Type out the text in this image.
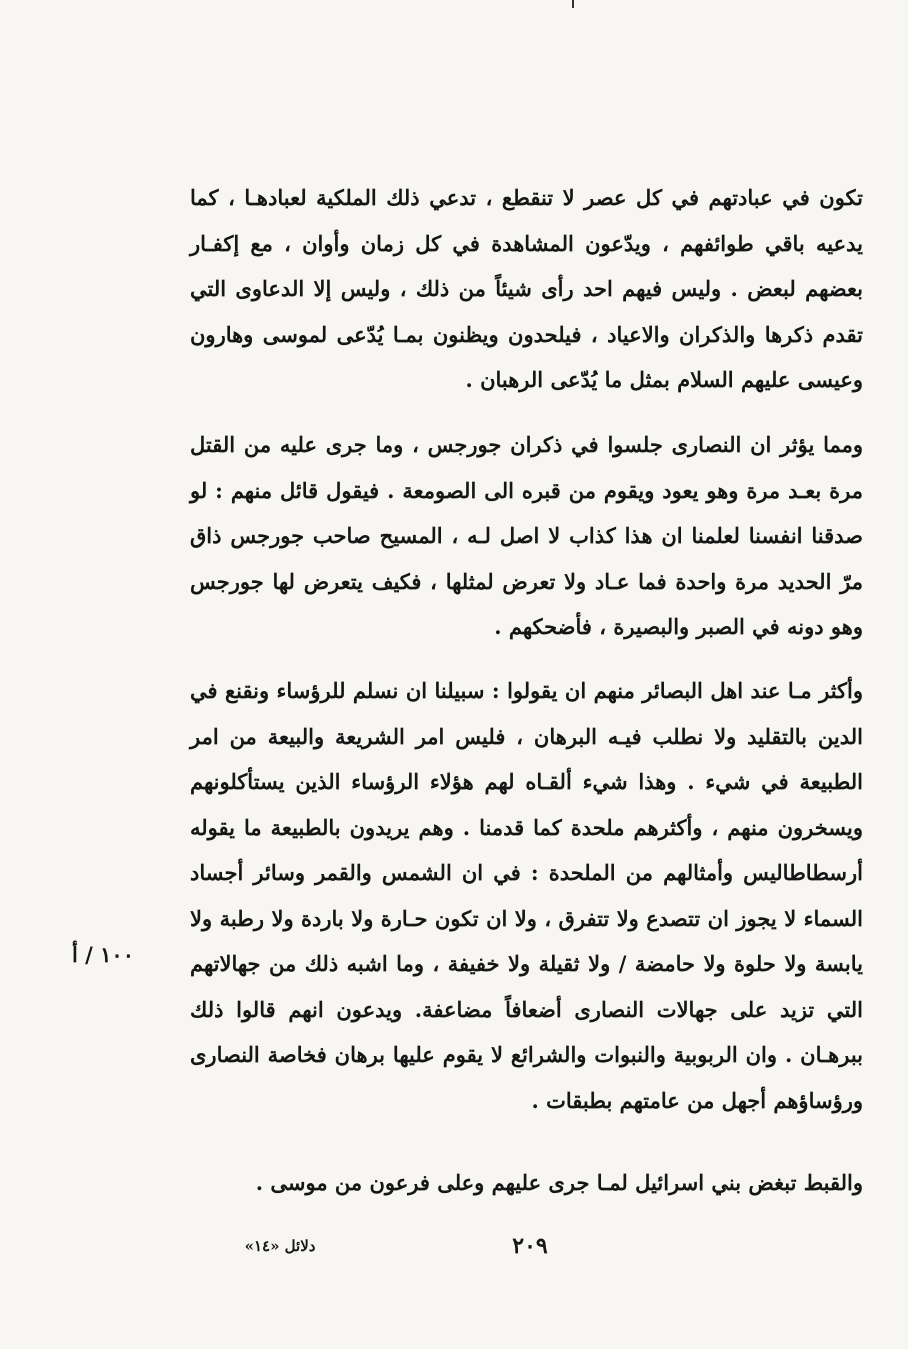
تكون في عبادتهم في كل عصر لا تنقطع ، تدعي ذلك الملكية لعبادهـا ، كما يدعيه باقي طوائفهم ، ويدّعون المشاهدة في كل زمان وأوان ، مع إكفـار بعضهم لبعض . وليس فيهم احد رأى شيئاً من ذلك ، وليس إلا الدعاوى التي تقدم ذكرها والذكران والاعياد ، فيلحدون ويظنون بمـا يُدّعى لموسى وهارون وعيسى عليهم السلام بمثل ما يُدّعى الرهبان .

ومما يؤثر ان النصارى جلسوا في ذكران جورجس ، وما جرى عليه من القتل مرة بعـد مرة وهو يعود ويقوم من قبره الى الصومعة . فيقول قائل منهم : لو صدقنا انفسنا لعلمنا ان هذا كذاب لا اصل لـه ، المسيح صاحب جورجس ذاق مرّ الحديد مرة واحدة فما عـاد ولا تعرض لمثلها ، فكيف يتعرض لها جورجس وهو دونه في الصبر والبصيرة ، فأضحكهم .

وأكثر مـا عند اهل البصائر منهم ان يقولوا : سبيلنا ان نسلم للرؤساء ونقنع في الدين بالتقليد ولا نطلب فيـه البرهان ، فليس امر الشريعة والبيعة من امر الطبيعة في شيء . وهذا شيء ألقـاه لهم هؤلاء الرؤساء الذين يستأكلونهم ويسخرون منهم ، وأكثرهم ملحدة كما قدمنا . وهم يريدون بالطبيعة ما يقوله أرسطاطاليس وأمثالهم من الملحدة : في ان الشمس والقمر وسائر أجساد السماء لا يجوز ان تتصدع ولا تتفرق ، ولا ان تكون حـارة ولا باردة ولا رطبة ولا يابسة ولا حلوة ولا حامضة / ولا ثقيلة ولا خفيفة ، وما اشبه ذلك من جهالاتهم التي تزيد على جهالات النصارى أضعافاً مضاعفة. ويدعون انهم قالوا ذلك ببرهـان . وان الربوبية والنبوات والشرائع لا يقوم عليها برهان فخاصة النصارى ورؤساؤهم أجهل من عامتهم بطبقات .

والقبط تبغض بني اسرائيل لمـا جرى عليهم وعلى فرعون من موسى .

١٠٠ / أ
٢٠٩
دلائل «١٤»
